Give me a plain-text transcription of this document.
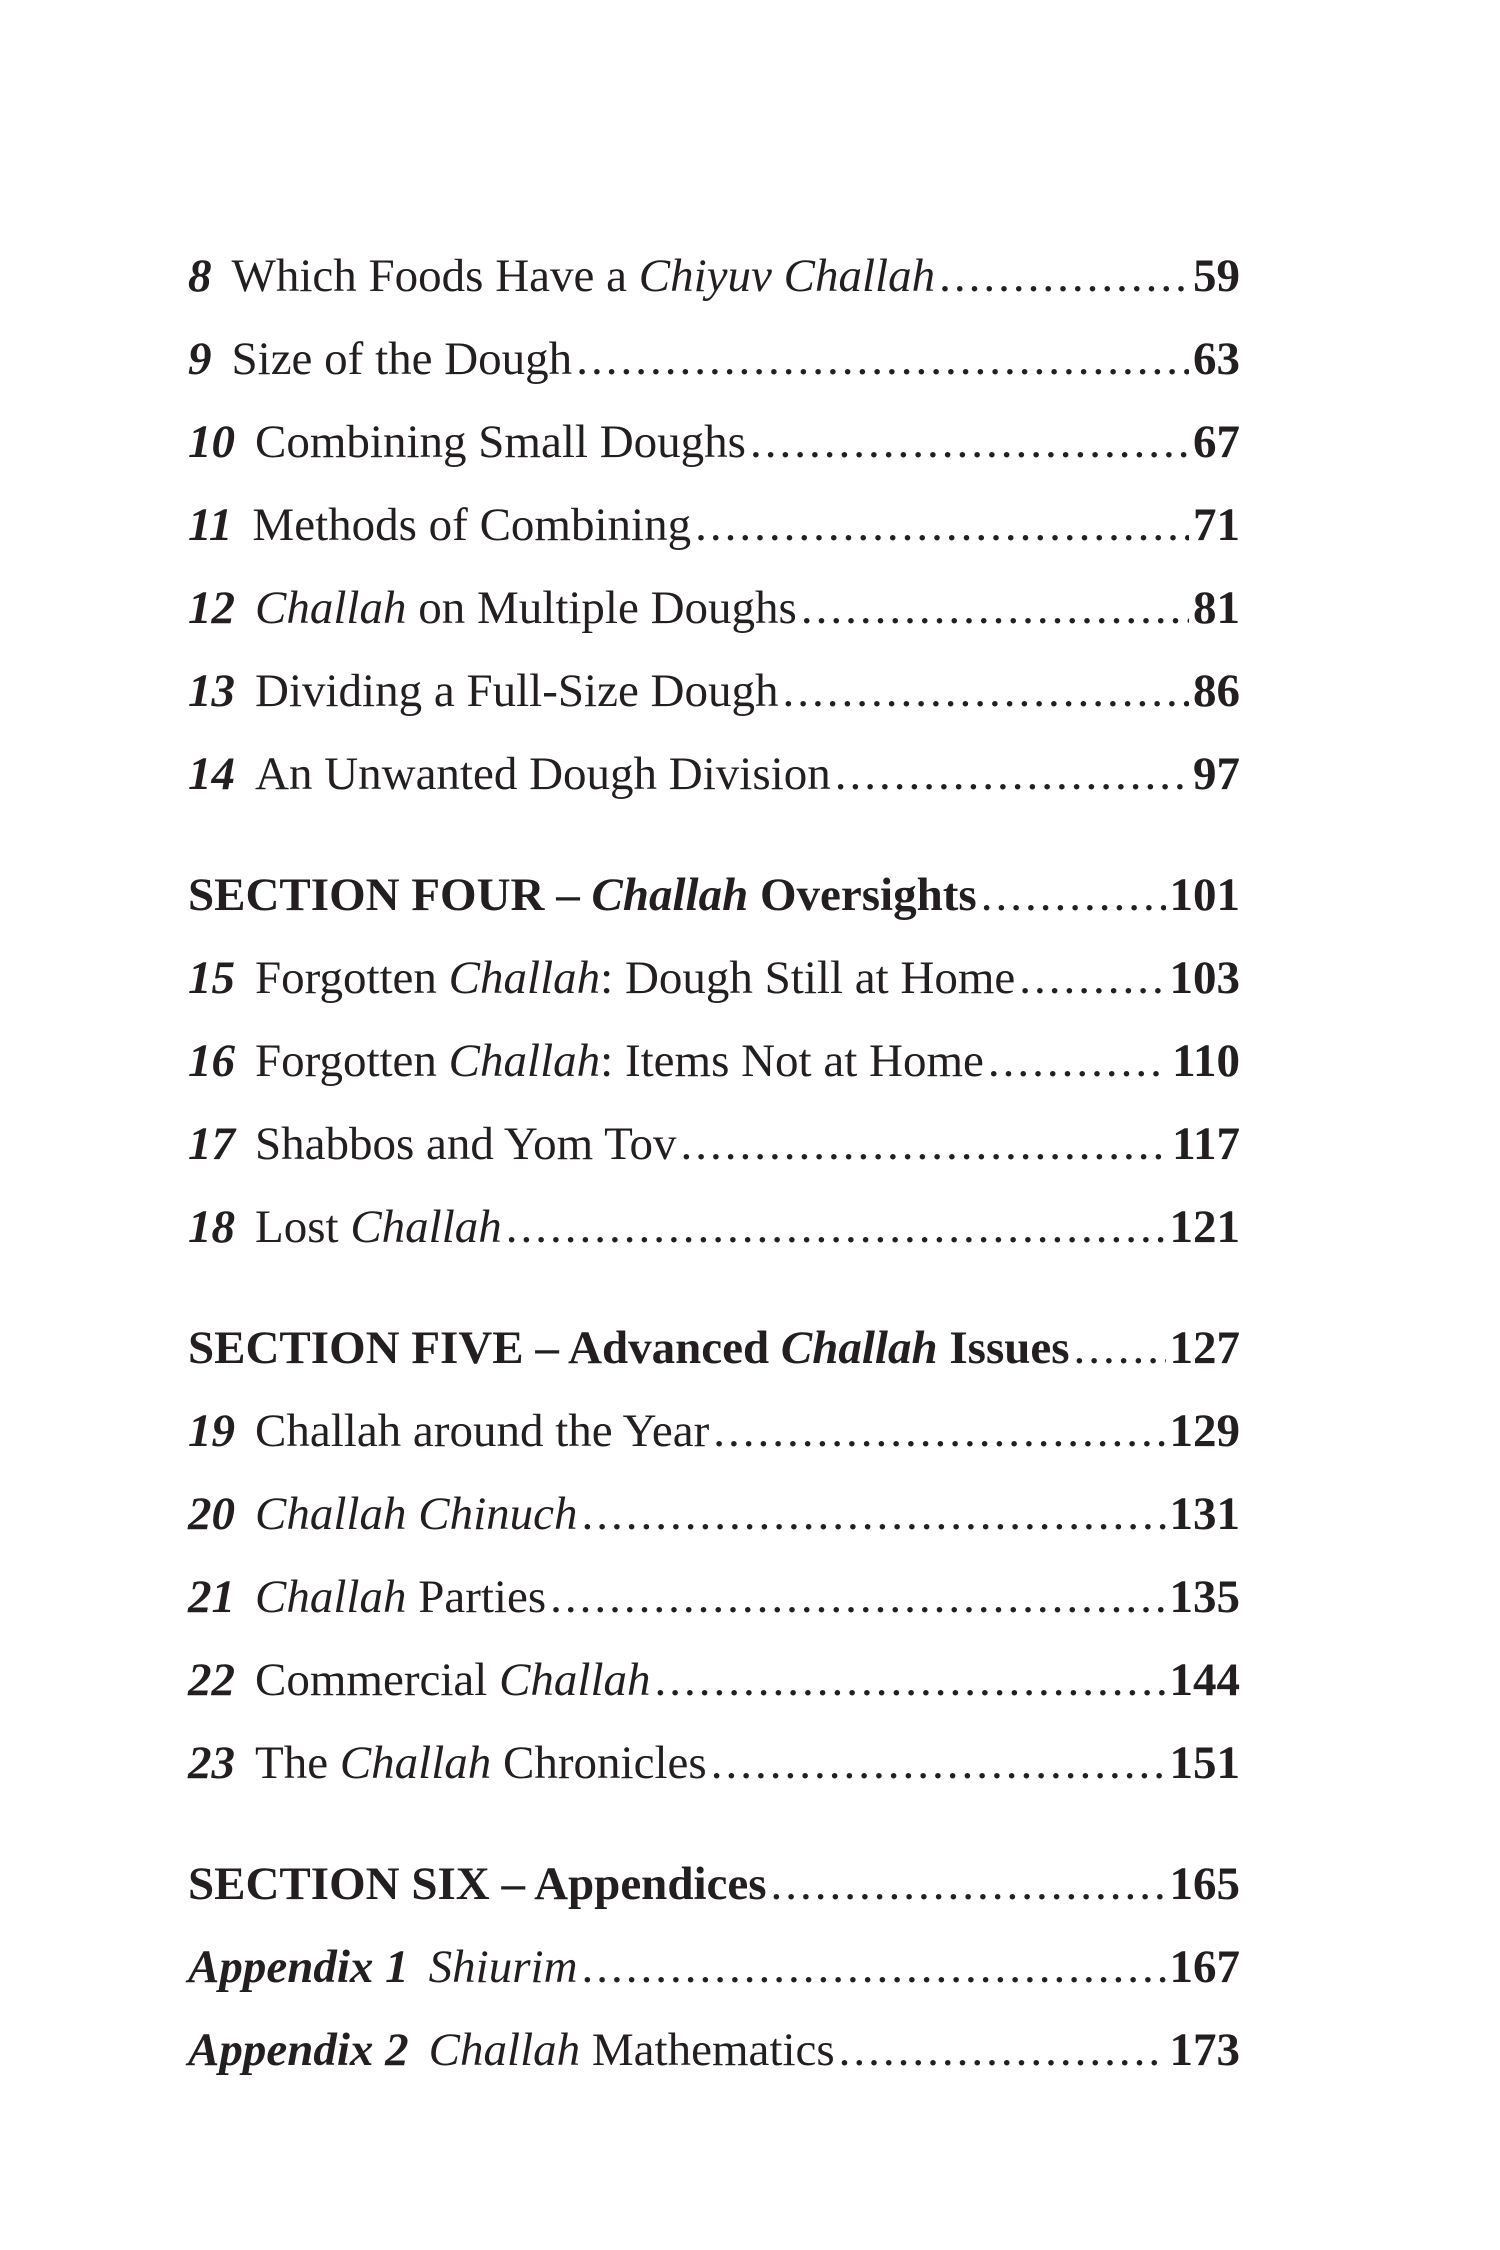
8 Which Foods Have a Chiyuv Challah .....	59
9 Size of the Dough .....	63
10 Combining Small Doughs .....	67
11 Methods of Combining .....	71
12 Challah on Multiple Doughs .....	81
13 Dividing a Full-Size Dough .....	86
14 An Unwanted Dough Division .....	97
SECTION FOUR – Challah Oversights .....	101
15 Forgotten Challah: Dough Still at Home .....	103
16 Forgotten Challah: Items Not at Home .....	110
17 Shabbos and Yom Tov .....	117
18 Lost Challah .....	121
SECTION FIVE – Advanced Challah Issues ..... 127
19 Challah around the Year .....	129
20 Challah Chinuch .....	131
21 Challah Parties .....	135
22 Commercial Challah .....	144
23 The Challah Chronicles .....	151
SECTION SIX – Appendices .....	165
Appendix 1 Shiurim .....	167
Appendix 2 Challah Mathematics .....	173
